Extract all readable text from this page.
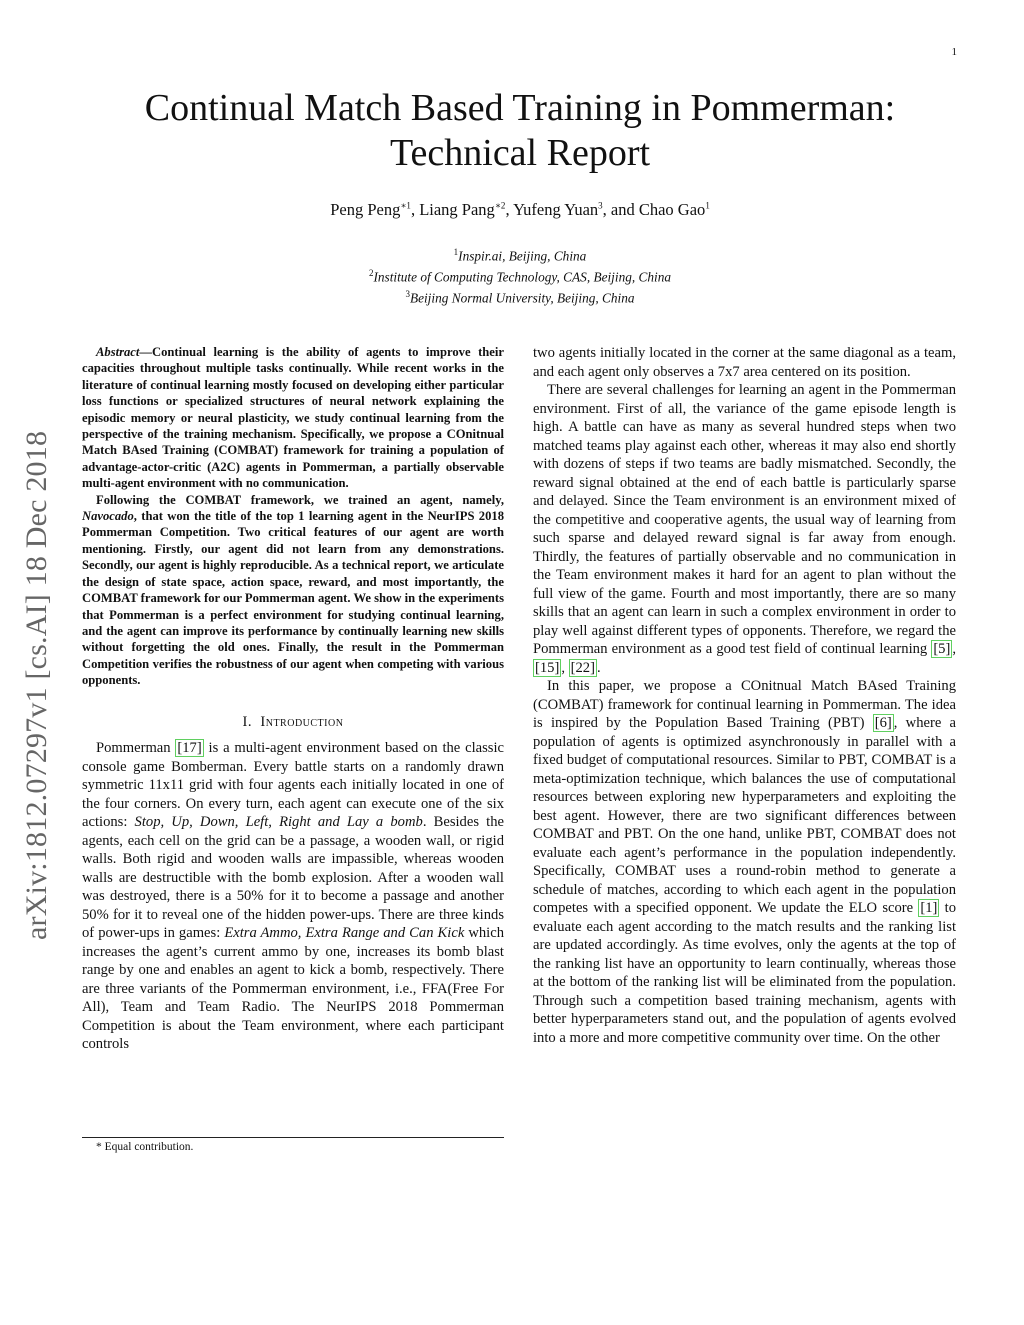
1
arXiv:1812.07297v1 [cs.AI] 18 Dec 2018
Continual Match Based Training in Pommerman:
Technical Report
Peng Peng$^{∗1}$, Liang Pang$^{∗2}$, Yufeng Yuan$^3$, and Chao Gao$^1$
$^1$Inspir.ai, Beijing, China
$^2$Institute of Computing Technology, CAS, Beijing, China
$^3$Beijing Normal University, Beijing, China

Abstract—Continual learning is the ability of agents to improve their capacities throughout multiple tasks continually. While recent works in the literature of continual learning mostly focused on developing either particular loss functions or specialized structures of neural network explaining the episodic memory or neural plasticity, we study continual learning from the perspective of the training mechanism. Specifically, we propose a COnitnual Match BAsed Training (COMBAT) framework for training a population of advantage-actor-critic (A2C) agents in Pommerman, a partially observable multi-agent environment with no communication.

Following the COMBAT framework, we trained an agent, namely, Navocado, that won the title of the top 1 learning agent in the NeurIPS 2018 Pommerman Competition. Two critical features of our agent are worth mentioning. Firstly, our agent did not learn from any demonstrations. Secondly, our agent is highly reproducible. As a technical report, we articulate the design of state space, action space, reward, and most importantly, the COMBAT framework for our Pommerman agent. We show in the experiments that Pommerman is a perfect environment for studying continual learning, and the agent can improve its performance by continually learning new skills without forgetting the old ones. Finally, the result in the Pommerman Competition verifies the robustness of our agent when competing with various opponents.

I. Introduction

Pommerman [17] is a multi-agent environment based on the classic console game Bomberman. Every battle starts on a randomly drawn symmetric 11x11 grid with four agents each initially located in one of the four corners. On every turn, each agent can execute one of the six actions: Stop, Up, Down, Left, Right and Lay a bomb. Besides the agents, each cell on the grid can be a passage, a wooden wall, or rigid walls. Both rigid and wooden walls are impassible, whereas wooden walls are destructible with the bomb explosion. After a wooden wall was destroyed, there is a 50% for it to become a passage and another 50% for it to reveal one of the hidden power-ups. There are three kinds of power-ups in games: Extra Ammo, Extra Range and Can Kick which increases the agent’s current ammo by one, increases its bomb blast range by one and enables an agent to kick a bomb, respectively. There are three variants of the Pommerman environment, i.e., FFA(Free For All), Team and Team Radio. The NeurIPS 2018 Pommerman Competition is about the Team environment, where each participant controls

* Equal contribution.

two agents initially located in the corner at the same diagonal as a team, and each agent only observes a 7x7 area centered on its position.

There are several challenges for learning an agent in the Pommerman environment. First of all, the variance of the game episode length is high. A battle can have as many as several hundred steps when two matched teams play against each other, whereas it may also end shortly with dozens of steps if two teams are badly mismatched. Secondly, the reward signal obtained at the end of each battle is particularly sparse and delayed. Since the Team environment is an environment mixed of the competitive and cooperative agents, the usual way of learning from such sparse and delayed reward signal is far away from enough. Thirdly, the features of partially observable and no communication in the Team environment makes it hard for an agent to plan without the full view of the game. Fourth and most importantly, there are so many skills that an agent can learn in such a complex environment in order to play well against different types of opponents. Therefore, we regard the Pommerman environment as a good test field of continual learning [5] , [15] , [22] .

In this paper, we propose a COnitnual Match BAsed Training (COMBAT) framework for continual learning in Pommerman. The idea is inspired by the Population Based Training (PBT) [6] , where a population of agents is optimized asynchronously in parallel with a fixed budget of computational resources. Similar to PBT, COMBAT is a meta-optimization technique, which balances the use of computational resources between exploring new hyperparameters and exploiting the best agent. However, there are two significant differences between COMBAT and PBT. On the one hand, unlike PBT, COMBAT does not evaluate each agent’s performance in the population independently. Specifically, COMBAT uses a round-robin method to generate a schedule of matches, according to which each agent in the population competes with a specified opponent. We update the ELO score [1] to evaluate each agent according to the match results and the ranking list are updated accordingly. As time evolves, only the agents at the top of the ranking list have an opportunity to learn continually, whereas those at the bottom of the ranking list will be eliminated from the population. Through such a competition based training mechanism, agents with better hyperparameters stand out, and the population of agents evolved into a more and more competitive community over time. On the other
